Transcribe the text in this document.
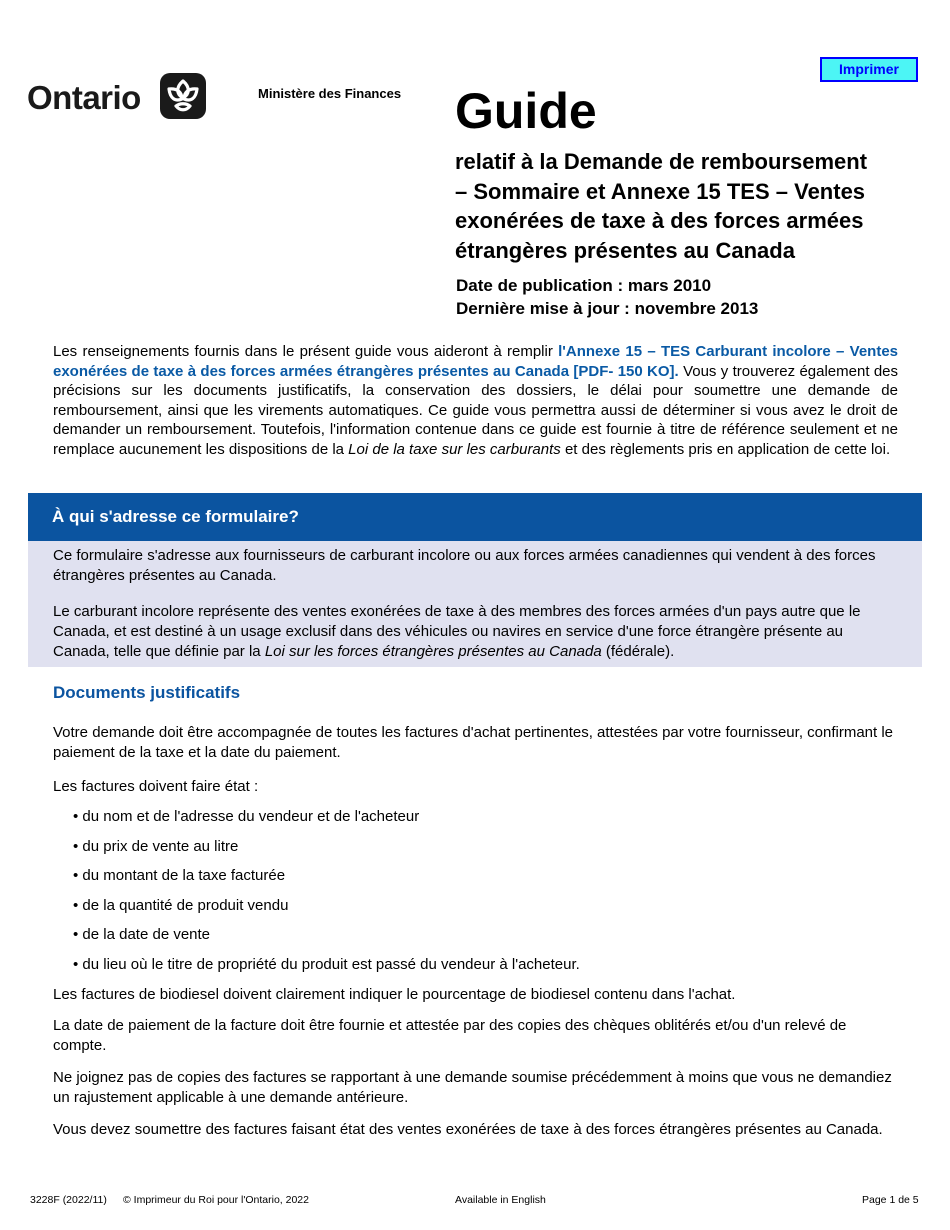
Ontario	Ministère des Finances
Imprimer
Guide
relatif à la Demande de remboursement
– Sommaire et Annexe 15 TES – Ventes
exonérées de taxe à des forces armées
étrangères présentes au Canada
Date de publication : mars 2010
Dernière mise à jour : novembre 2013
Les renseignements fournis dans le présent guide vous aideront à remplir l'Annexe 15 – TES Carburant incolore – Ventes exonérées de taxe à des forces armées étrangères présentes au Canada [PDF- 150 KO]. Vous y trouverez également des précisions sur les documents justificatifs, la conservation des dossiers, le délai pour soumettre une demande de remboursement, ainsi que les virements automatiques. Ce guide vous permettra aussi de déterminer si vous avez le droit de demander un remboursement. Toutefois, l'information contenue dans ce guide est fournie à titre de référence seulement et ne remplace aucunement les dispositions de la Loi de la taxe sur les carburants et des règlements pris en application de cette loi.
À qui s'adresse ce formulaire?
Ce formulaire s'adresse aux fournisseurs de carburant incolore ou aux forces armées canadiennes qui vendent à des forces étrangères présentes au Canada.
Le carburant incolore représente des ventes exonérées de taxe à des membres des forces armées d'un pays autre que le Canada, et est destiné à un usage exclusif dans des véhicules ou navires en service d'une force étrangère présente au Canada, telle que définie par la Loi sur les forces étrangères présentes au Canada (fédérale).
Documents justificatifs
Votre demande doit être accompagnée de toutes les factures d'achat pertinentes, attestées par votre fournisseur, confirmant le paiement de la taxe et la date du paiement.
Les factures doivent faire état :
• du nom et de l'adresse du vendeur et de l'acheteur
• du prix de vente au litre
• du montant de la taxe facturée
• de la quantité de produit vendu
• de la date de vente
• du lieu où le titre de propriété du produit est passé du vendeur à l'acheteur.
Les factures de biodiesel doivent clairement indiquer le pourcentage de biodiesel contenu dans l'achat.
La date de paiement de la facture doit être fournie et attestée par des copies des chèques oblitérés et/ou d'un relevé de compte.
Ne joignez pas de copies des factures se rapportant à une demande soumise précédemment à moins que vous ne demandiez un rajustement applicable à une demande antérieure.
Vous devez soumettre des factures faisant état des ventes exonérées de taxe à des forces étrangères présentes au Canada.
3228F (2022/11) © Imprimeur du Roi pour l'Ontario, 2022	Available in English	Page 1 de 5
